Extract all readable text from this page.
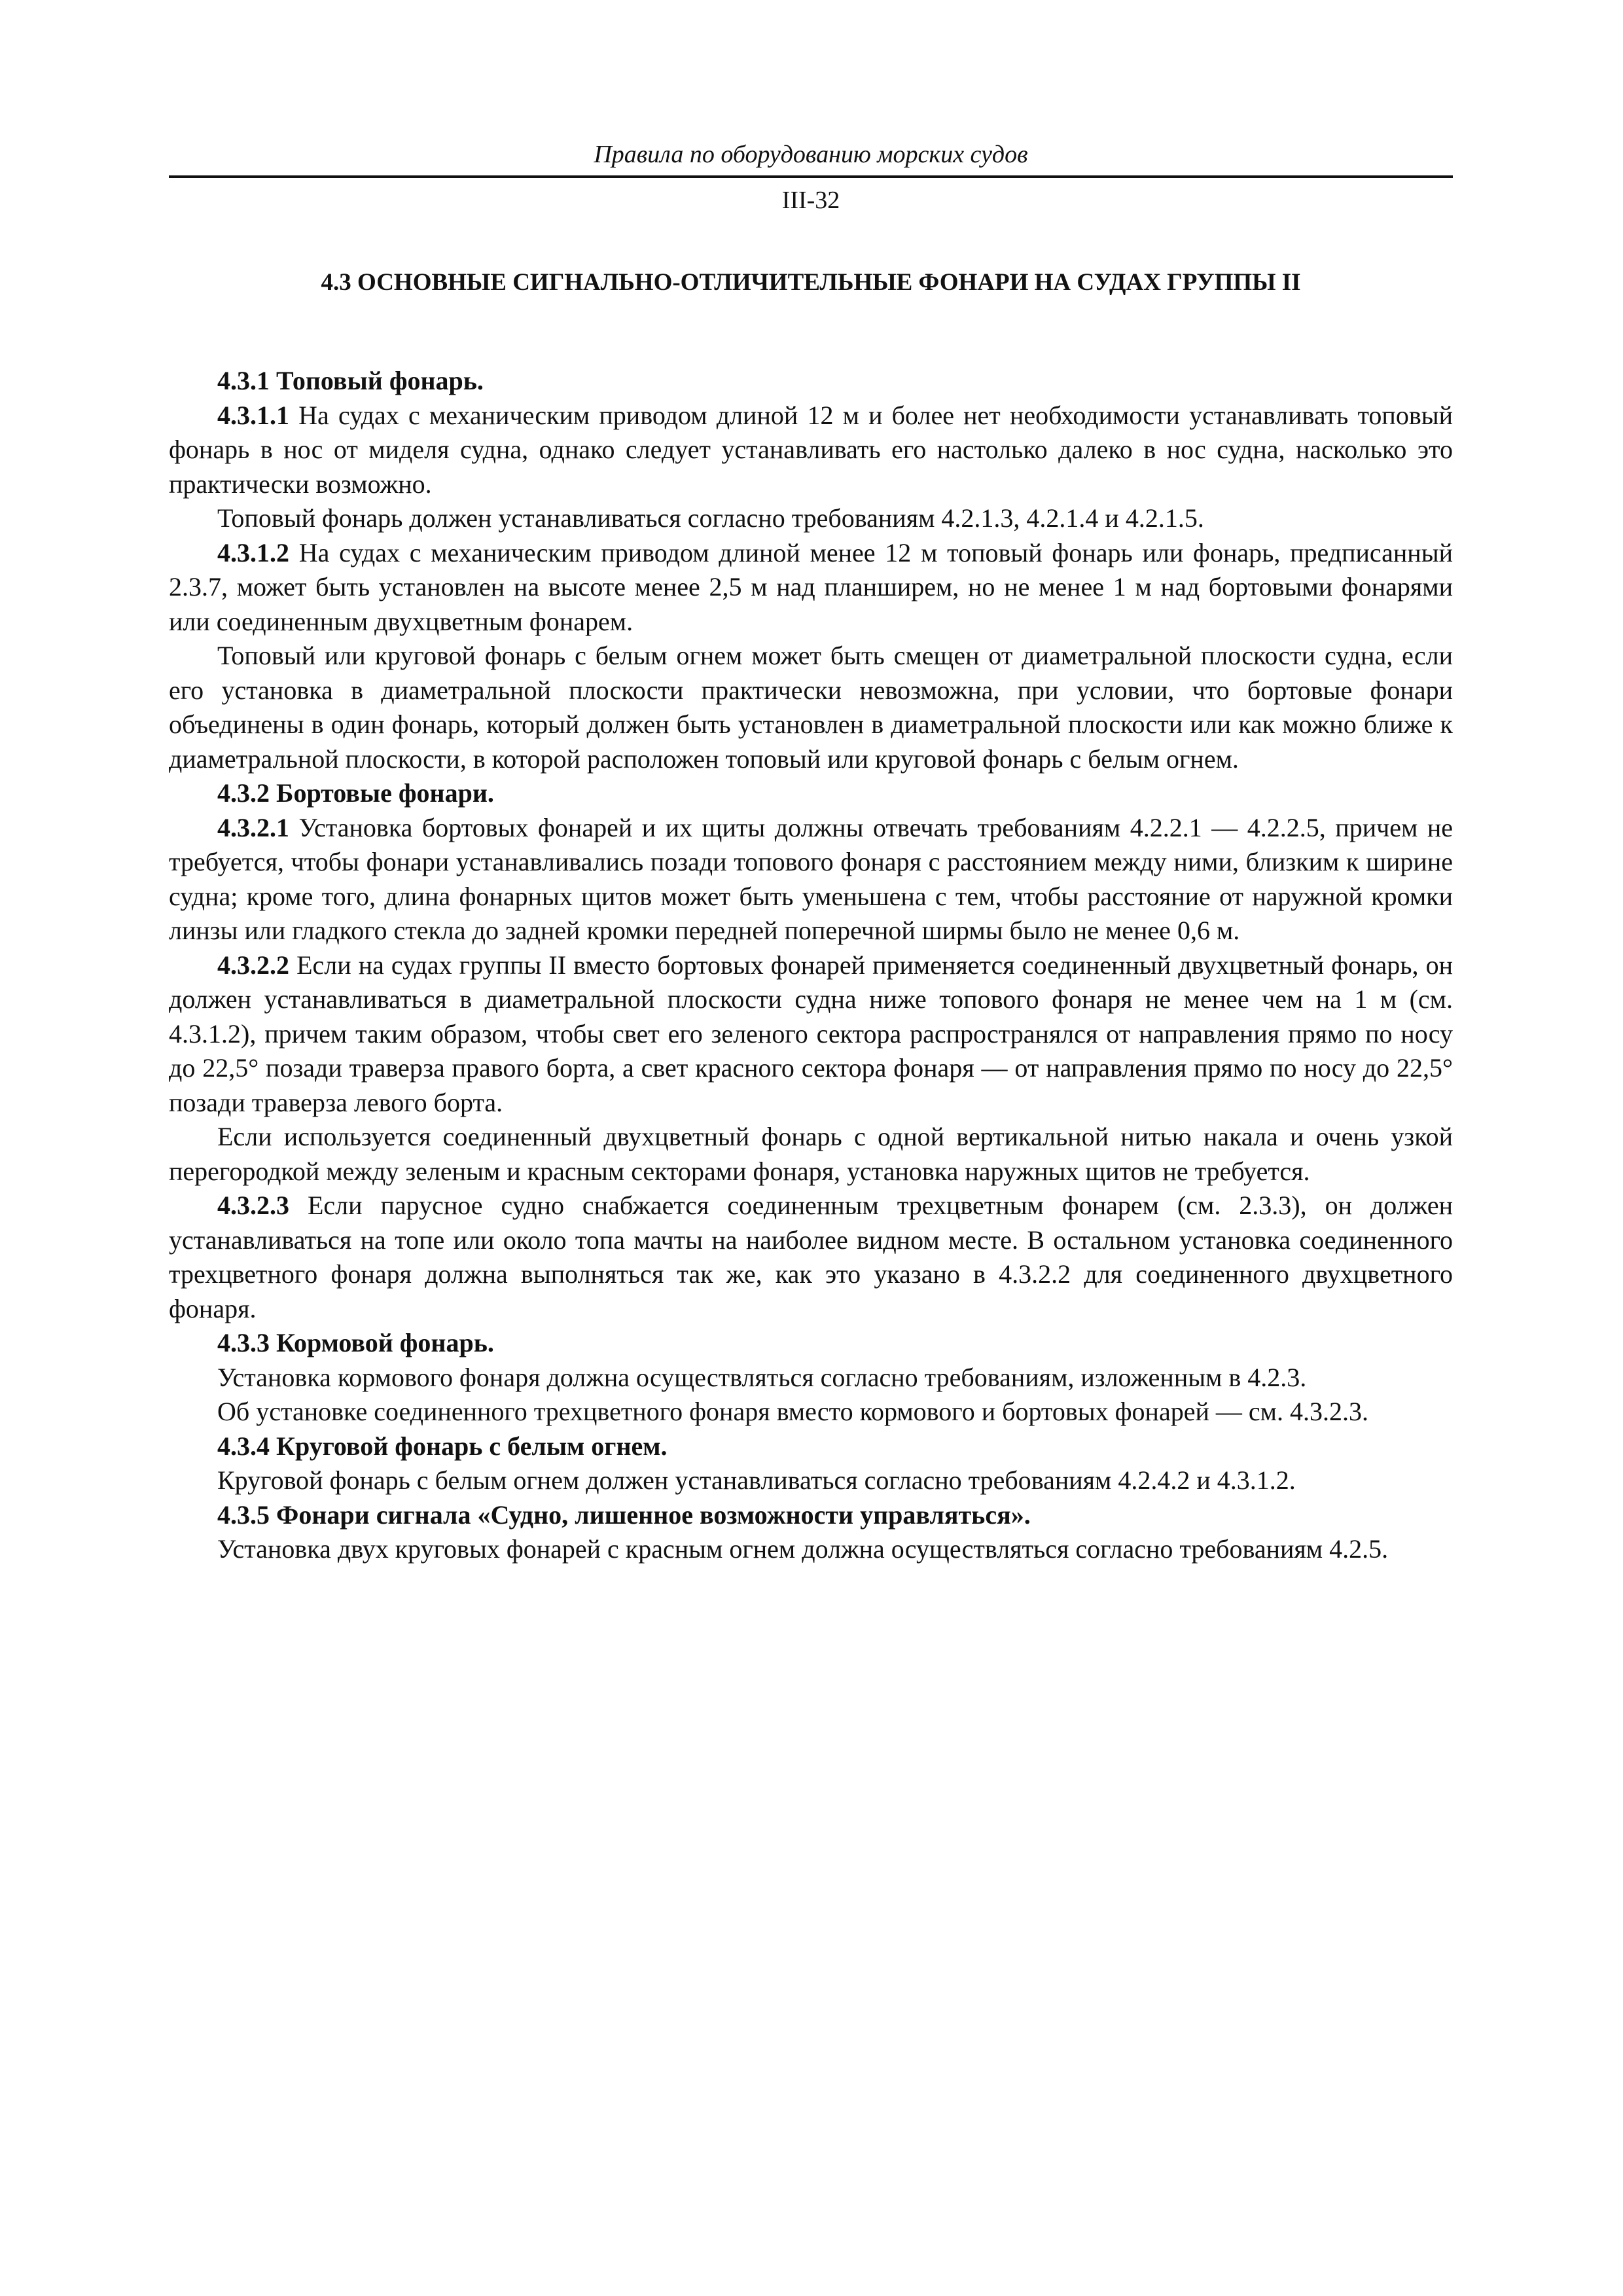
Правила по оборудованию морских судов
III-32
4.3 ОСНОВНЫЕ СИГНАЛЬНО-ОТЛИЧИТЕЛЬНЫЕ ФОНАРИ НА СУДАХ ГРУППЫ II

4.3.1 Топовый фонарь.

4.3.1.1 На судах с механическим приводом длиной 12 м и более нет необходимости устанавливать топовый фонарь в нос от миделя судна, однако следует устанавливать его настолько далеко в нос судна, насколько это практически возможно.

Топовый фонарь должен устанавливаться согласно требованиям 4.2.1.3, 4.2.1.4 и 4.2.1.5.

4.3.1.2 На судах с механическим приводом длиной менее 12 м топовый фонарь или фонарь, предписанный 2.3.7, может быть установлен на высоте менее 2,5 м над планширем, но не менее 1 м над бортовыми фонарями или соединенным двухцветным фонарем.

Топовый или круговой фонарь с белым огнем может быть смещен от диаметральной плоскости судна, если его установка в диаметральной плоскости практически невозможна, при условии, что бортовые фонари объединены в один фонарь, который должен быть установлен в диаметральной плоскости или как можно ближе к диаметральной плоскости, в которой расположен топовый или круговой фонарь с белым огнем.

4.3.2 Бортовые фонари.

4.3.2.1 Установка бортовых фонарей и их щиты должны отвечать требованиям 4.2.2.1 — 4.2.2.5, причем не требуется, чтобы фонари устанавливались позади топового фонаря с расстоянием между ними, близким к ширине судна; кроме того, длина фонарных щитов может быть уменьшена с тем, чтобы расстояние от наружной кромки линзы или гладкого стекла до задней кромки передней поперечной ширмы было не менее 0,6 м.

4.3.2.2 Если на судах группы II вместо бортовых фонарей применяется соединенный двухцветный фонарь, он должен устанавливаться в диаметральной плоскости судна ниже топового фонаря не менее чем на 1 м (см. 4.3.1.2), причем таким образом, чтобы свет его зеленого сектора распространялся от направления прямо по носу до 22,5° позади траверза правого борта, а свет красного сектора фонаря — от направления прямо по носу до 22,5° позади траверза левого борта.

Если используется соединенный двухцветный фонарь с одной вертикальной нитью накала и очень узкой перегородкой между зеленым и красным секторами фонаря, установка наружных щитов не требуется.

4.3.2.3 Если парусное судно снабжается соединенным трехцветным фонарем (см. 2.3.3), он должен устанавливаться на топе или около топа мачты на наиболее видном месте. В остальном установка соединенного трехцветного фонаря должна выполняться так же, как это указано в 4.3.2.2 для соединенного двухцветного фонаря.

4.3.3 Кормовой фонарь.

Установка кормового фонаря должна осуществляться согласно требованиям, изложенным в 4.2.3.

Об установке соединенного трехцветного фонаря вместо кормового и бортовых фонарей — см. 4.3.2.3.

4.3.4 Круговой фонарь с белым огнем.

Круговой фонарь с белым огнем должен устанавливаться согласно требованиям 4.2.4.2 и 4.3.1.2.

4.3.5 Фонари сигнала «Судно, лишенное возможности управляться».

Установка двух круговых фонарей с красным огнем должна осуществляться согласно требованиям 4.2.5.
